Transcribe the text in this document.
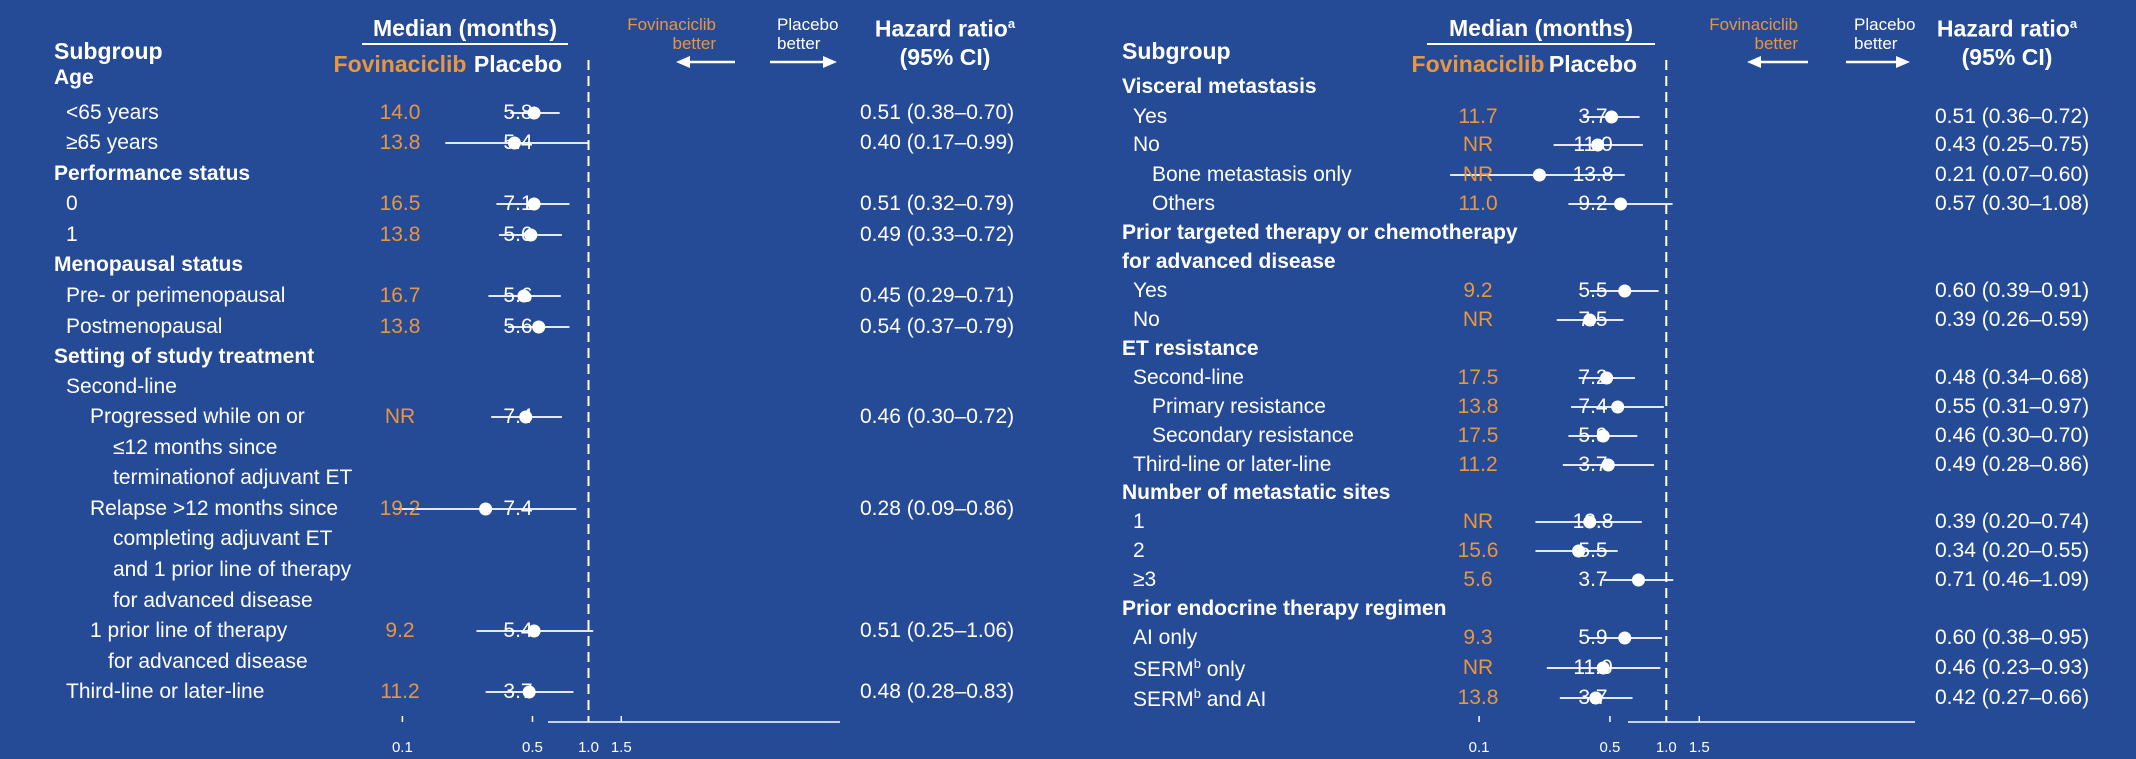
Subgroup
Median (months)
Fovinaciclib Placebo
Fovinaciclib better
Placebo better
Hazard ratio$^a$
(95% CI)
0.1	0.5 1.0 1.5
Age
<65 years	14.0	5.8	0.51 (0.38–0.70)
≥65 years	13.8	5.4	0.40 (0.17–0.99)
Performance status
0	16.5	7.1	0.51 (0.32–0.79)
1	13.8	5.6	0.49 (0.33–0.72)
Menopausal status
Pre- or perimenopausal	16.7	5.6	0.45 (0.29–0.71)
Postmenopausal	13.8	5.6	0.54 (0.37–0.79)
Setting of study treatment
Second-line
Progressed while on or	NR	7.4	0.46 (0.30–0.72)
≤12 months since
terminationof adjuvant ET
Relapse >12 months since 19.2	7.4	0.28 (0.09–0.86)
completing adjuvant ET
and 1 prior line of therapy
for advanced disease
1 prior line of therapy	9.2	5.4	0.51 (0.25–1.06)
for advanced disease
Third-line or later-line	11.2	3.7	0.48 (0.28–0.83)
Subgroup
Median (months)
Fovinaciclib Placebo
Fovinaciclib better
Placebo better
Hazard ratio$^a$
(95% CI)
0.1	0.5 1.0 1.5
Visceral metastasis
Yes	11.7	3.7	0.51 (0.36–0.72)
No	NR	11.0	0.43 (0.25–0.75)
Bone metastasis only	NR	13.8	0.21 (0.07–0.60)
Others	11.0	9.2	0.57 (0.30–1.08)
Prior targeted therapy or chemotherapy
for advanced disease
Yes	9.2	5.5	0.60 (0.39–0.91)
No	NR	7.5	0.39 (0.26–0.59)
ET resistance
Second-line	17.5	7.2	0.48 (0.34–0.68)
Primary resistance	13.8	7.4	0.55 (0.31–0.97)
Secondary resistance	17.5	5.9	0.46 (0.30–0.70)
Third-line or later-line	11.2	3.7	0.49 (0.28–0.86)
Number of metastatic sites
1	NR	13.8	0.39 (0.20–0.74)
2	15.6	5.5	0.34 (0.20–0.55)
≥3	5.6	3.7	0.71 (0.46–1.09)
Prior endocrine therapy regimen
AI only	9.3	5.9	0.60 (0.38–0.95)
SERM$^b$ only	NR	11.0	0.46 (0.23–0.93)
SERM$^b$ and AI	13.8	3.7	0.42 (0.27–0.66)
